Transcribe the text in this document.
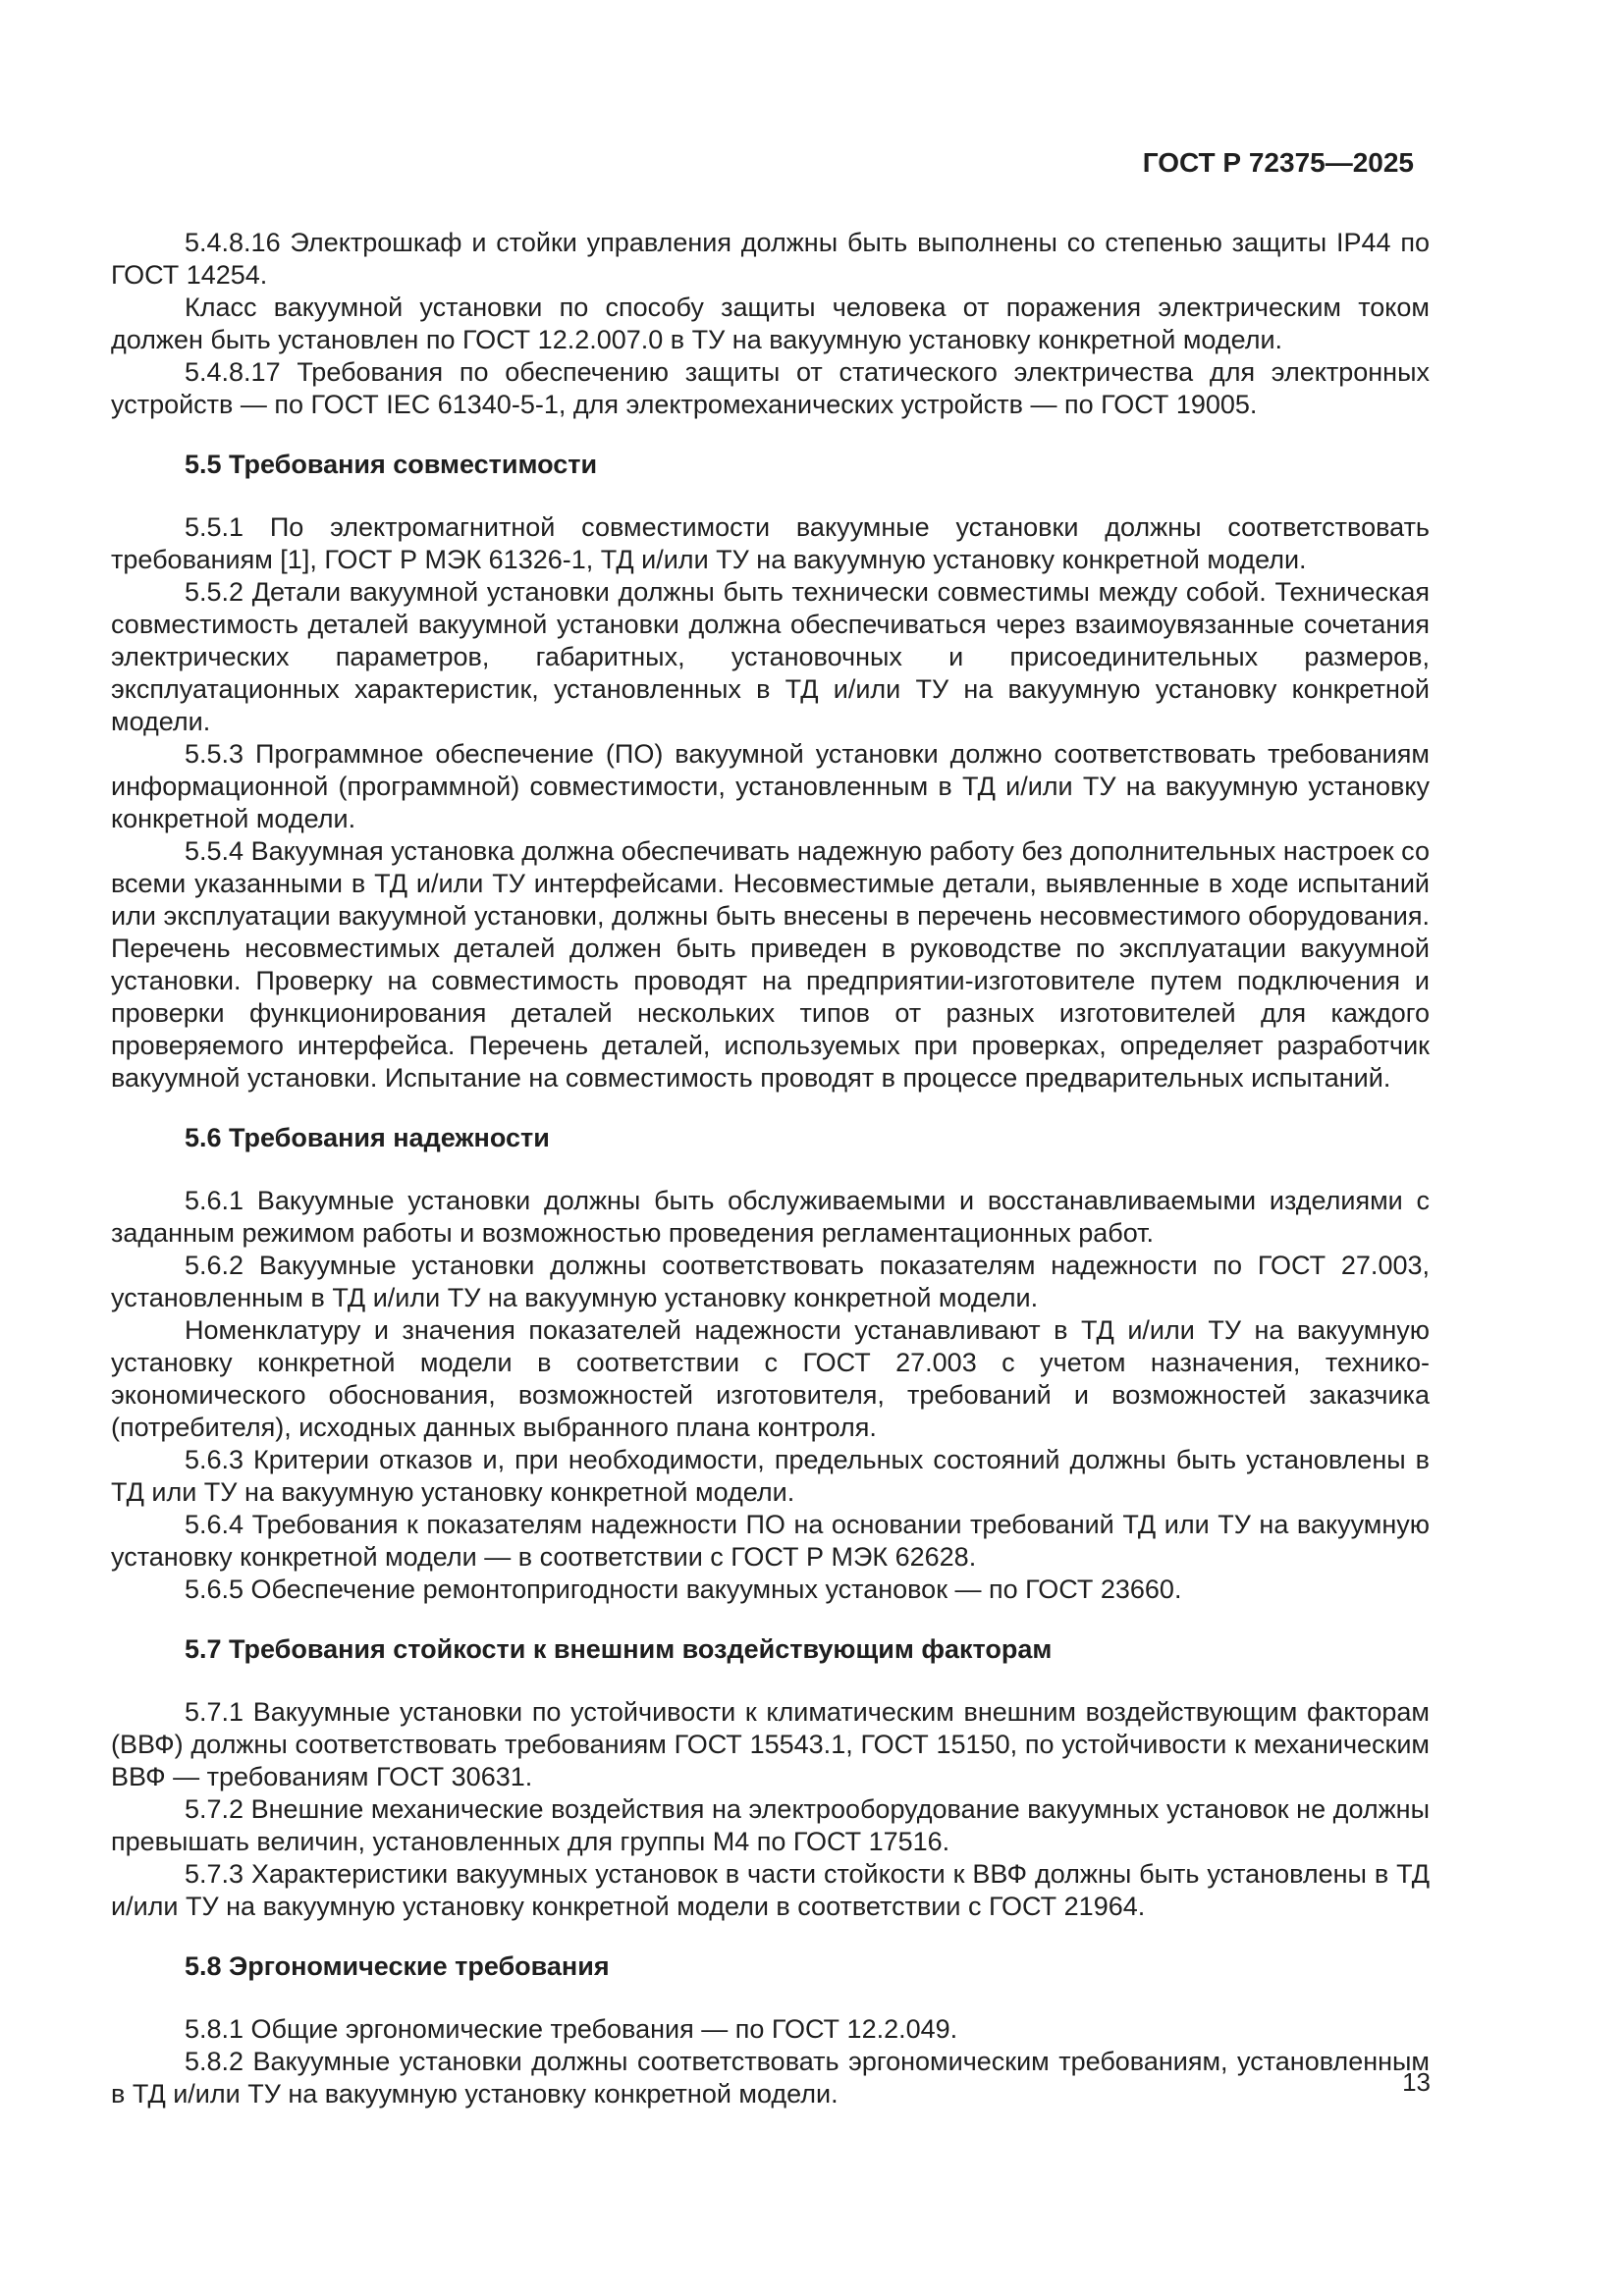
ГОСТ Р 72375—2025

5.4.8.16 Электрошкаф и стойки управления должны быть выполнены со степенью защиты IP44 по ГОСТ 14254.

Класс вакуумной установки по способу защиты человека от поражения электрическим током должен быть установлен по ГОСТ 12.2.007.0 в ТУ на вакуумную установку конкретной модели.

5.4.8.17 Требования по обеспечению защиты от статического электричества для электронных устройств — по ГОСТ IEC 61340-5-1, для электромеханических устройств — по ГОСТ 19005.

5.5 Требования совместимости

5.5.1 По электромагнитной совместимости вакуумные установки должны соответствовать требованиям [1], ГОСТ Р МЭК 61326-1, ТД и/или ТУ на вакуумную установку конкретной модели.

5.5.2 Детали вакуумной установки должны быть технически совместимы между собой. Техническая совместимость деталей вакуумной установки должна обеспечиваться через взаимоувязанные сочетания электрических параметров, габаритных, установочных и присоединительных размеров, эксплуатационных характеристик, установленных в ТД и/или ТУ на вакуумную установку конкретной модели.

5.5.3 Программное обеспечение (ПО) вакуумной установки должно соответствовать требованиям информационной (программной) совместимости, установленным в ТД и/или ТУ на вакуумную установку конкретной модели.

5.5.4 Вакуумная установка должна обеспечивать надежную работу без дополнительных настроек со всеми указанными в ТД и/или ТУ интерфейсами. Несовместимые детали, выявленные в ходе испытаний или эксплуатации вакуумной установки, должны быть внесены в перечень несовместимого оборудования. Перечень несовместимых деталей должен быть приведен в руководстве по эксплуатации вакуумной установки. Проверку на совместимость проводят на предприятии-изготовителе путем подключения и проверки функционирования деталей нескольких типов от разных изготовителей для каждого проверяемого интерфейса. Перечень деталей, используемых при проверках, определяет разработчик вакуумной установки. Испытание на совместимость проводят в процессе предварительных испытаний.

5.6 Требования надежности

5.6.1 Вакуумные установки должны быть обслуживаемыми и восстанавливаемыми изделиями с заданным режимом работы и возможностью проведения регламентационных работ.

5.6.2 Вакуумные установки должны соответствовать показателям надежности по ГОСТ 27.003, установленным в ТД и/или ТУ на вакуумную установку конкретной модели.

Номенклатуру и значения показателей надежности устанавливают в ТД и/или ТУ на вакуумную установку конкретной модели в соответствии с ГОСТ 27.003 с учетом назначения, технико-экономического обоснования, возможностей изготовителя, требований и возможностей заказчика (потребителя), исходных данных выбранного плана контроля.

5.6.3 Критерии отказов и, при необходимости, предельных состояний должны быть установлены в ТД или ТУ на вакуумную установку конкретной модели.

5.6.4 Требования к показателям надежности ПО на основании требований ТД или ТУ на вакуумную установку конкретной модели — в соответствии с ГОСТ Р МЭК 62628.

5.6.5 Обеспечение ремонтопригодности вакуумных установок — по ГОСТ 23660.

5.7 Требования стойкости к внешним воздействующим факторам

5.7.1 Вакуумные установки по устойчивости к климатическим внешним воздействующим факторам (ВВФ) должны соответствовать требованиям ГОСТ 15543.1, ГОСТ 15150, по устойчивости к механическим ВВФ — требованиям ГОСТ 30631.

5.7.2 Внешние механические воздействия на электрооборудование вакуумных установок не должны превышать величин, установленных для группы М4 по ГОСТ 17516.

5.7.3 Характеристики вакуумных установок в части стойкости к ВВФ должны быть установлены в ТД и/или ТУ на вакуумную установку конкретной модели в соответствии с ГОСТ 21964.

5.8 Эргономические требования

5.8.1 Общие эргономические требования — по ГОСТ 12.2.049.

5.8.2 Вакуумные установки должны соответствовать эргономическим требованиям, установленным в ТД и/или ТУ на вакуумную установку конкретной модели.	13
